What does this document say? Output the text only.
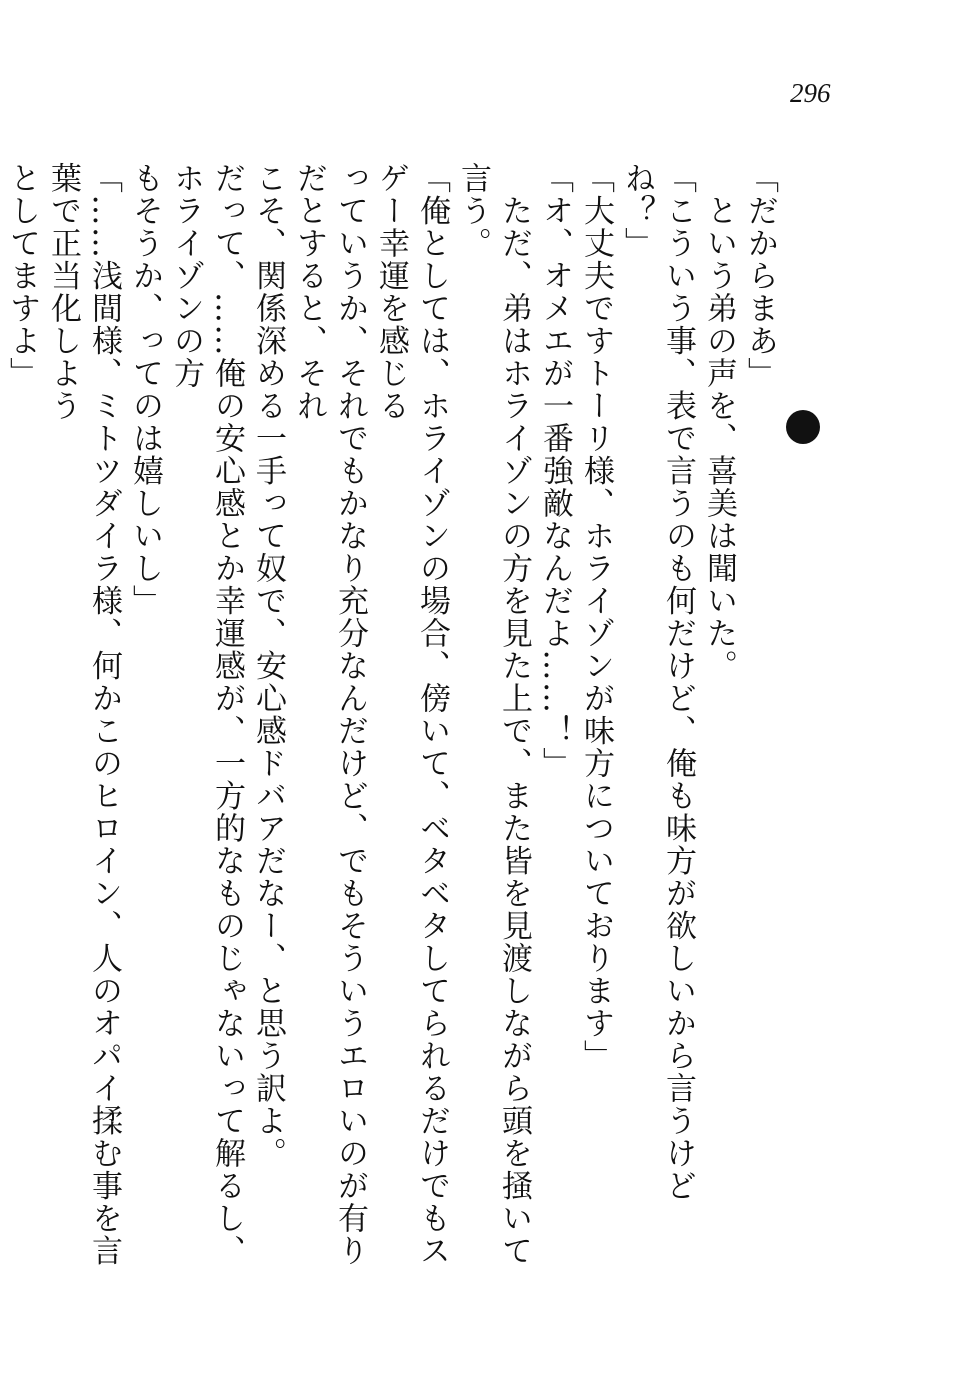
296

「だからまあ」

　という弟の声を、喜美は聞いた。

「こういう事、表で言うのも何だけど、俺も味方が欲しいから言うけどね？」

「大丈夫ですトーリ様、ホライゾンが味方についております」

「オ、オメエが一番強敵なんだよ……！」

　ただ、弟はホライゾンの方を見た上で、また皆を見渡しながら頭を掻いて言う。

「俺としては、ホライゾンの場合、傍いて、ベタベタしてられるだけでもスゲー幸運を感じる

っていうか、それでもかなり充分なんだけど、でもそういうエロいのが有りだとすると、それ

こそ、関係深める一手って奴で、安心感ドバアだなー、と思う訳よ。

だって、……俺の安心感とか幸運感が、一方的なものじゃないって解るし、ホライゾンの方

もそうか、ってのは嬉しいし」

「……浅間様、ミトツダイラ様、何かこのヒロイン、人のオパイ揉む事を言葉で正当化しよう

としてますよ」
